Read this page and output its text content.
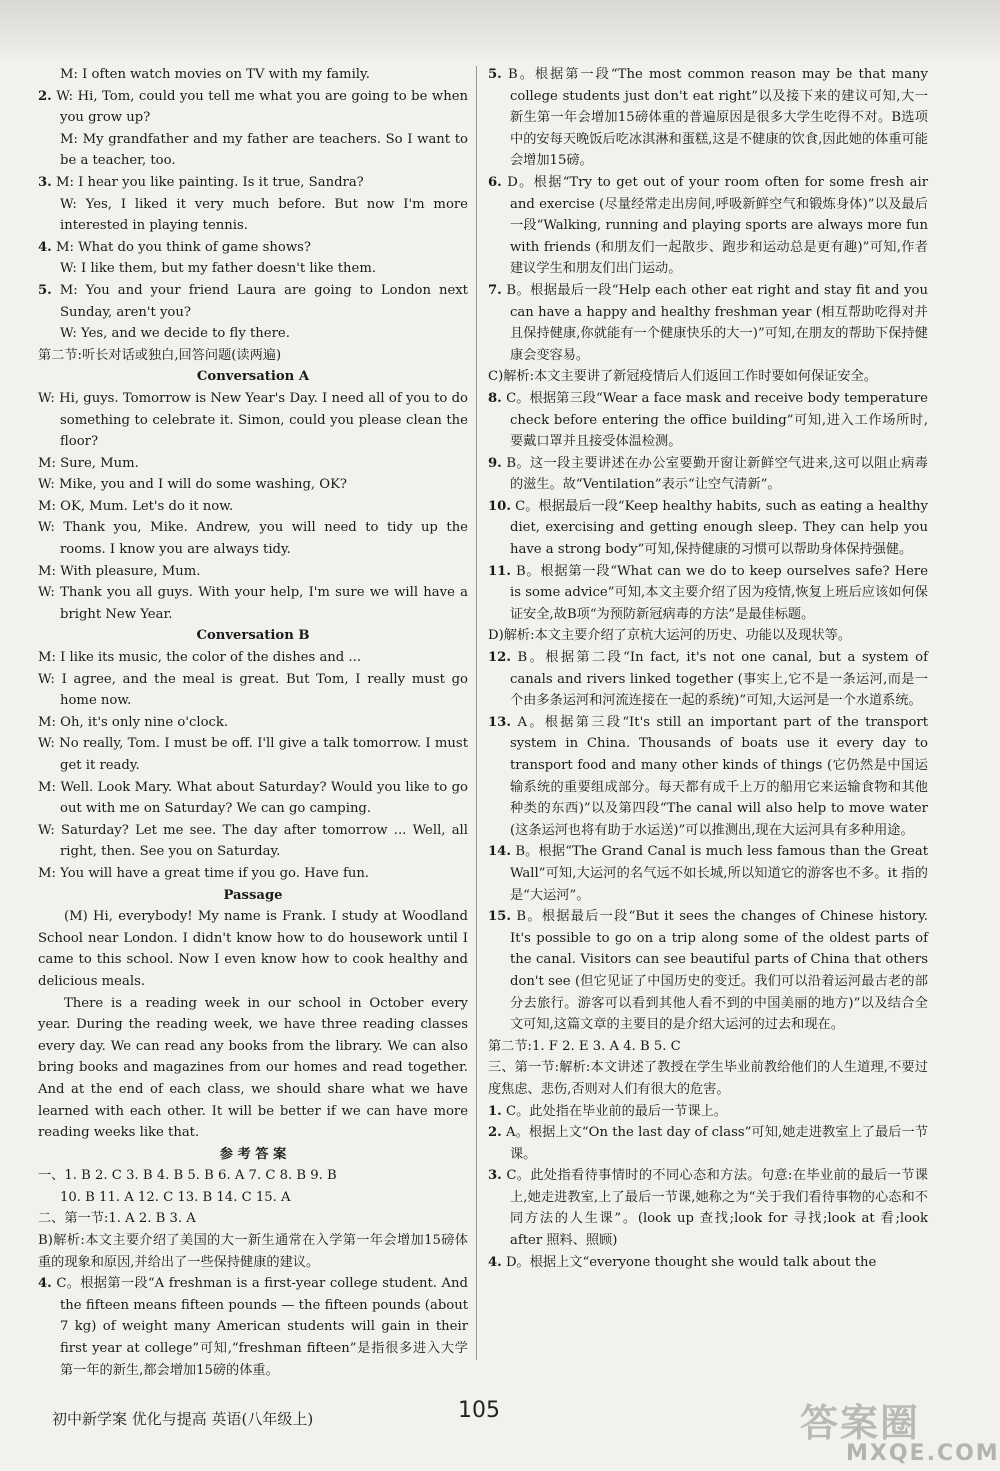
M: I often watch movies on TV with my family.

2. W: Hi, Tom, could you tell me what you are going to be when you grow up?

M: My grandfather and my father are teachers. So I want to be a teacher, too.

3. M: I hear you like painting. Is it true, Sandra?

W: Yes, I liked it very much before. But now I'm more interested in playing tennis.

4. M: What do you think of game shows?

W: I like them, but my father doesn't like them.

5. M: You and your friend Laura are going to London next Sunday, aren't you?

W: Yes, and we decide to fly there.

第二节:听长对话或独白,回答问题(读两遍)

Conversation A

W: Hi, guys. Tomorrow is New Year's Day. I need all of you to do something to celebrate it. Simon, could you please clean the floor?

M: Sure, Mum.

W: Mike, you and I will do some washing, OK?

M: OK, Mum. Let's do it now.

W: Thank you, Mike. Andrew, you will need to tidy up the rooms. I know you are always tidy.

M: With pleasure, Mum.

W: Thank you all guys. With your help, I'm sure we will have a bright New Year.

Conversation B

M: I like its music, the color of the dishes and ...

W: I agree, and the meal is great. But Tom, I really must go home now.

M: Oh, it's only nine o'clock.

W: No really, Tom. I must be off. I'll give a talk tomorrow. I must get it ready.

M: Well. Look Mary. What about Saturday? Would you like to go out with me on Saturday? We can go camping.

W: Saturday? Let me see. The day after tomorrow ... Well, all right, then. See you on Saturday.

M: You will have a great time if you go. Have fun.

Passage

(M) Hi, everybody! My name is Frank. I study at Woodland School near London. I didn't know how to do housework until I came to this school. Now I even know how to cook healthy and delicious meals.

There is a reading week in our school in October every year. During the reading week, we have three reading classes every day. We can read any books from the library. We can also bring books and magazines from our homes and read together. And at the end of each class, we should share what we have learned with each other. It will be better if we can have more reading weeks like that.

参 考 答 案

一、1. B 2. C 3. B 4. B 5. B 6. A 7. C 8. B 9. B

10. B 11. A 12. C 13. B 14. C 15. A

二、第一节:1. A 2. B 3. A

B)解析:本文主要介绍了美国的大一新生通常在入学第一年会增加15磅体重的现象和原因,并给出了一些保持健康的建议。

4. C。根据第一段“A freshman is a first-year college student. And the fifteen means fifteen pounds — the fifteen pounds (about 7 kg) of weight many American students will gain in their first year at college”可知,“freshman fifteen”是指很多进入大学第一年的新生,都会增加15磅的体重。

5. B。根据第一段“The most common reason may be that many college students just don't eat right”以及接下来的建议可知,大一新生第一年会增加15磅体重的普遍原因是很多大学生吃得不对。B选项中的安每天晚饭后吃冰淇淋和蛋糕,这是不健康的饮食,因此她的体重可能会增加15磅。

6. D。根据“Try to get out of your room often for some fresh air and exercise (尽量经常走出房间,呼吸新鲜空气和锻炼身体)”以及最后一段“Walking, running and playing sports are always more fun with friends (和朋友们一起散步、跑步和运动总是更有趣)”可知,作者建议学生和朋友们出门运动。

7. B。根据最后一段“Help each other eat right and stay fit and you can have a happy and healthy freshman year (相互帮助吃得对并且保持健康,你就能有一个健康快乐的大一)”可知,在朋友的帮助下保持健康会变容易。

C)解析:本文主要讲了新冠疫情后人们返回工作时要如何保证安全。

8. C。根据第三段“Wear a face mask and receive body temperature check before entering the office building”可知,进入工作场所时,要戴口罩并且接受体温检测。

9. B。这一段主要讲述在办公室要勤开窗让新鲜空气进来,这可以阻止病毒的滋生。故“Ventilation”表示“让空气清新”。

10. C。根据最后一段“Keep healthy habits, such as eating a healthy diet, exercising and getting enough sleep. They can help you have a strong body”可知,保持健康的习惯可以帮助身体保持强健。

11. B。根据第一段“What can we do to keep ourselves safe? Here is some advice”可知,本文主要介绍了因为疫情,恢复上班后应该如何保证安全,故B项“为预防新冠病毒的方法”是最佳标题。

D)解析:本文主要介绍了京杭大运河的历史、功能以及现状等。

12. B。根据第二段“In fact, it's not one canal, but a system of canals and rivers linked together (事实上,它不是一条运河,而是一个由多条运河和河流连接在一起的系统)”可知,大运河是一个水道系统。

13. A。根据第三段“It's still an important part of the transport system in China. Thousands of boats use it every day to transport food and many other kinds of things (它仍然是中国运输系统的重要组成部分。每天都有成千上万的船用它来运输食物和其他种类的东西)”以及第四段“The canal will also help to move water (这条运河也将有助于水运送)”可以推测出,现在大运河具有多种用途。

14. B。根据“The Grand Canal is much less famous than the Great Wall”可知,大运河的名气远不如长城,所以知道它的游客也不多。it 指的是“大运河”。

15. B。根据最后一段“But it sees the changes of Chinese history. It's possible to go on a trip along some of the oldest parts of the canal. Visitors can see beautiful parts of China that others don't see (但它见证了中国历史的变迁。我们可以沿着运河最古老的部分去旅行。游客可以看到其他人看不到的中国美丽的地方)”以及结合全文可知,这篇文章的主要目的是介绍大运河的过去和现在。

第二节:1. F 2. E 3. A 4. B 5. C

三、第一节:解析:本文讲述了教授在学生毕业前教给他们的人生道理,不要过度焦虑、悲伤,否则对人们有很大的危害。

1. C。此处指在毕业前的最后一节课上。

2. A。根据上文“On the last day of class”可知,她走进教室上了最后一节课。

3. C。此处指看待事情时的不同心态和方法。句意:在毕业前的最后一节课上,她走进教室,上了最后一节课,她称之为“关于我们看待事物的心态和不同方法的人生课”。(look up 查找;look for 寻找;look at 看;look after 照料、照顾)

4. D。根据上文“everyone thought she would talk about the

初中新学案 优化与提高 英语(八年级上)	105	答案圈
MXQE.COM
